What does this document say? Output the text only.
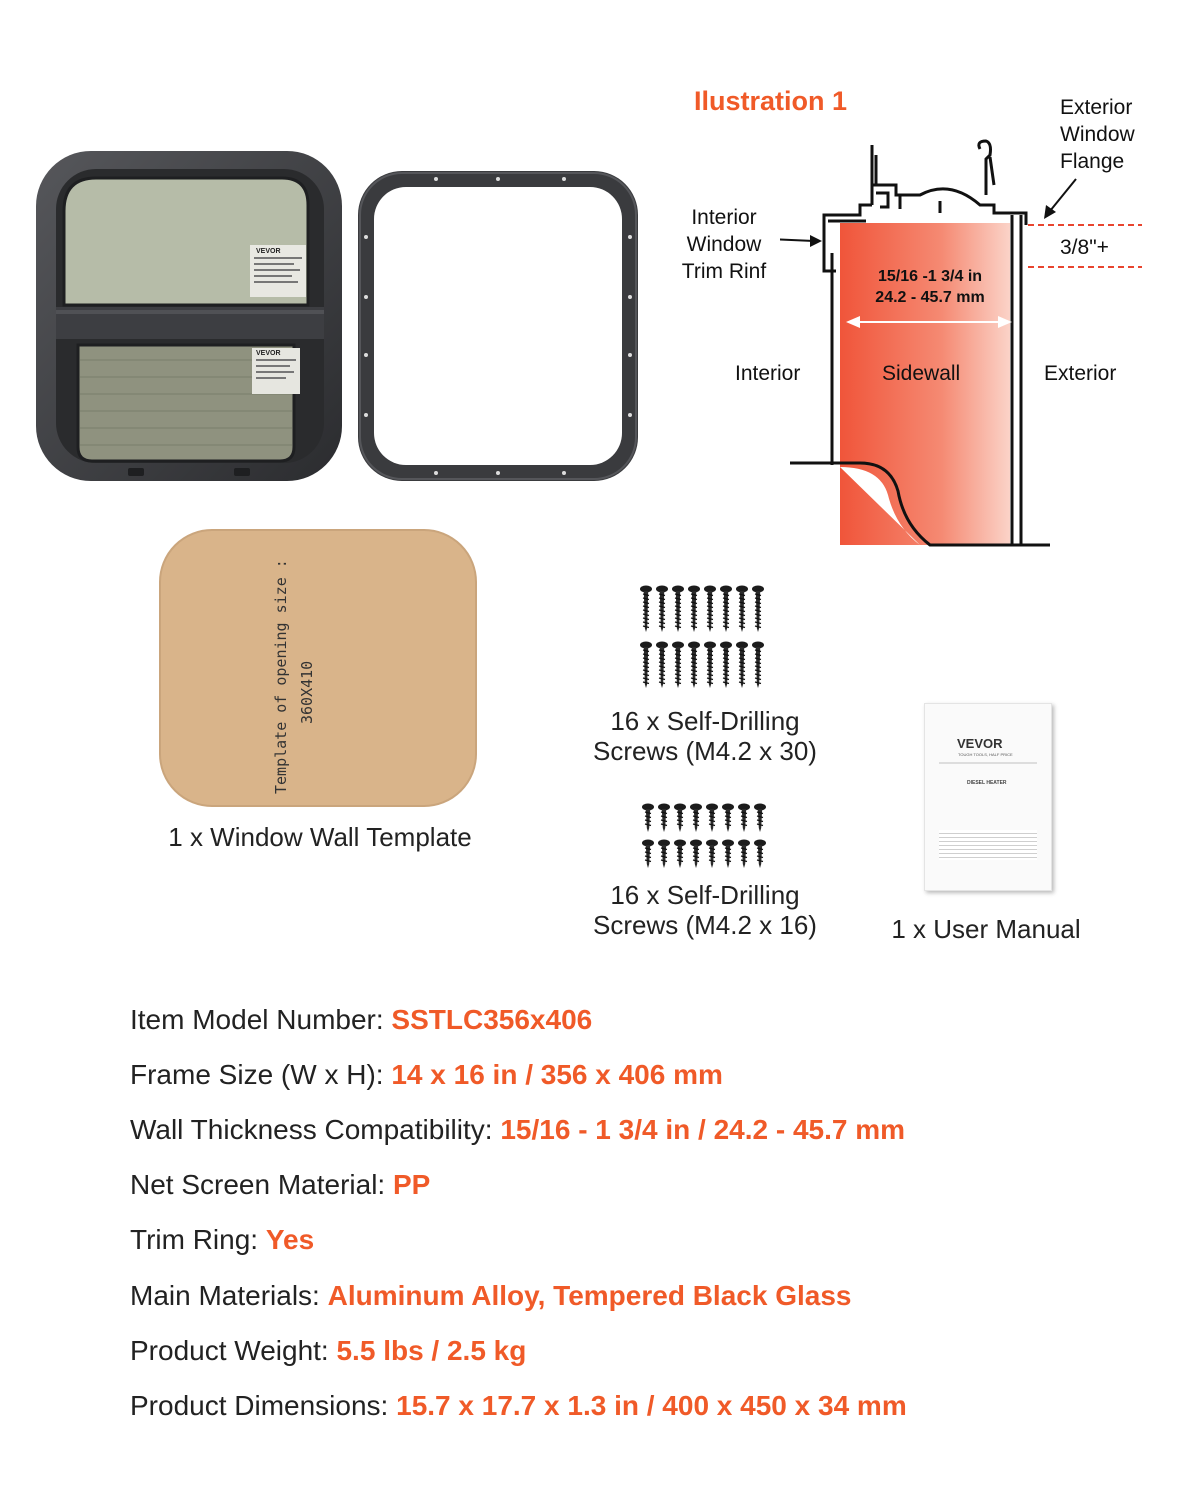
VEVOR
VEVOR
Ilustration 1	Exterior
Window
Flange
Interior
Window
Trim Rinf
3/8"+
15/16 -1 3/4 in
24.2 - 45.7 mm
Interior	Sidewall	Exterior
Template of opening size : 360X410
1 x Window Wall Template
16 x Self-Drilling
Screws (M4.2 x 30)
16 x Self-Drilling
Screws (M4.2 x 16)
VEVOR
TOUGH TOOLS, HALF PRICE
DIESEL HEATER
1 x User Manual
Item Model Number: SSTLC356x406
Frame Size (W x H): 14 x 16 in / 356 x 406 mm
Wall Thickness Compatibility: 15/16 - 1 3/4 in / 24.2 - 45.7 mm
Net Screen Material: PP
Trim Ring: Yes
Main Materials: Aluminum Alloy, Tempered Black Glass
Product Weight: 5.5 lbs / 2.5 kg
Product Dimensions: 15.7 x 17.7 x 1.3 in / 400 x 450 x 34 mm
